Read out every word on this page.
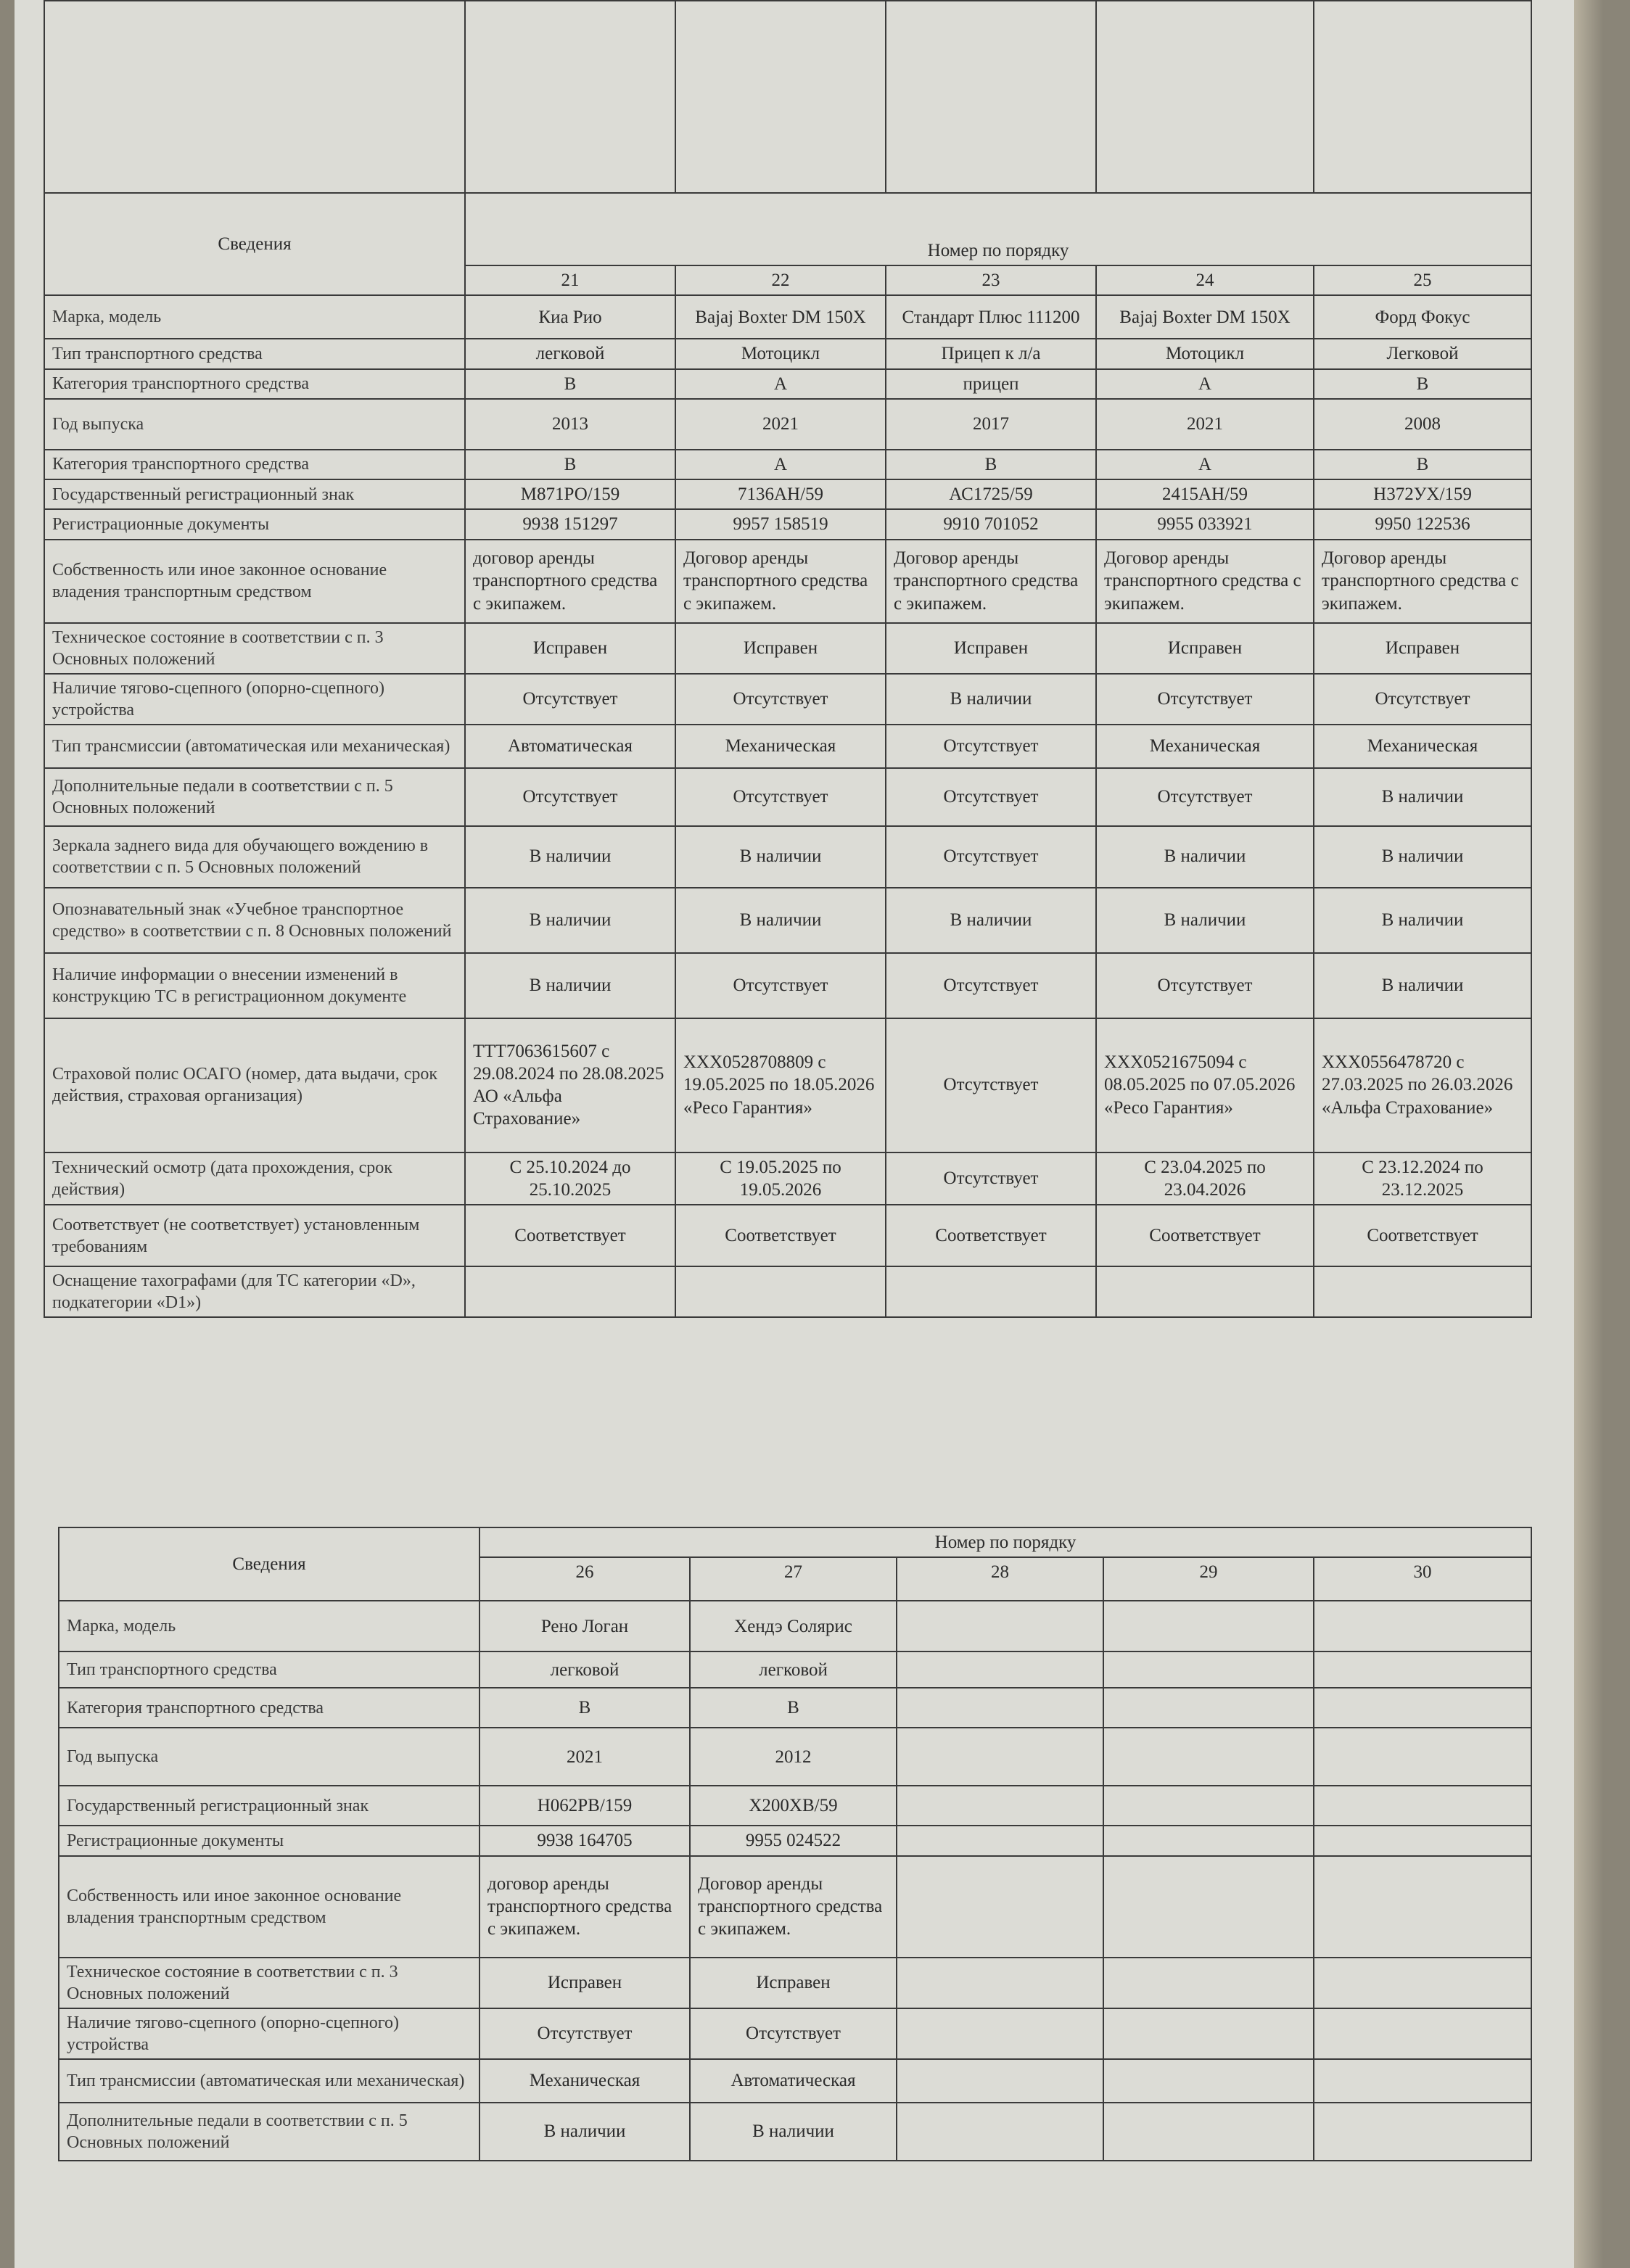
Сведения	Номер по порядку				
	21	22	23	24	25
Марка, модель	Киа Рио	Bajaj Boxter DM 150X	Стандарт Плюс 111200	Bajaj Boxter DM 150X	Форд Фокус
Тип транспортного средства	легковой	Мотоцикл	Прицеп к л/а	Мотоцикл	Легковой
Категория транспортного средства	B	A	прицеп	A	B
Год выпуска	2013	2021	2017	2021	2008
Категория транспортного средства	B	A	B	A	B
Государственный регистрационный знак	М871РО/159	7136АН/59	АС1725/59	2415АН/59	Н372УХ/159
Регистрационные документы	9938 151297	9957 158519	9910 701052	9955 033921	9950 122536
Собственность или иное законное основание владения транспортным средством	договор аренды транспортного средства с экипажем.	Договор аренды транспортного средства с экипажем.	Договор аренды транспортного средства с экипажем.	Договор аренды транспортного средства с экипажем.	Договор аренды транспортного средства с экипажем.
Техническое состояние в соответствии с п. 3 Основных положений	Исправен	Исправен	Исправен	Исправен	Исправен
Наличие тягово-сцепного (опорно-сцепного) устройства	Отсутствует	Отсутствует	В наличии	Отсутствует	Отсутствует
Тип трансмиссии (автоматическая или механическая)	Автоматическая	Механическая	Отсутствует	Механическая	Механическая
Дополнительные педали в соответствии с п. 5 Основных положений	Отсутствует	Отсутствует	Отсутствует	Отсутствует	В наличии
Зеркала заднего вида для обучающего вождению в соответствии с п. 5 Основных положений	В наличии	В наличии	Отсутствует	В наличии	В наличии
Опознавательный знак «Учебное транспортное средство» в соответствии с п. 8 Основных положений	В наличии	В наличии	В наличии	В наличии	В наличии
Наличие информации о внесении изменений в конструкцию ТС в регистрационном документе	В наличии	Отсутствует	Отсутствует	Отсутствует	В наличии
Страховой полис ОСАГО (номер, дата выдачи, срок действия, страховая организация)	ТТТ7063615607 с 29.08.2024 по 28.08.2025 АО «Альфа Страхование»	ХХХ0528708809 с 19.05.2025 по 18.05.2026 «Ресо Гарантия»	Отсутствует	ХХХ0521675094 с 08.05.2025 по 07.05.2026 «Ресо Гарантия»	ХХХ0556478720 с 27.03.2025 по 26.03.2026 «Альфа Страхование»
Технический осмотр (дата прохождения, срок действия)	С 25.10.2024 до 25.10.2025	С 19.05.2025 по 19.05.2026	Отсутствует	С 23.04.2025 по 23.04.2026	С 23.12.2024 по 23.12.2025
Соответствует (не соответствует) установленным требованиям	Соответствует	Соответствует	Соответствует	Соответствует	Соответствует
Оснащение тахографами (для ТС категории «D», подкатегории «D1»)					
Сведения	Номер по порядку				
	26	27	28	29	30
Марка, модель	Рено Логан	Хендэ Солярис			
Тип транспортного средства	легковой	легковой			
Категория транспортного средства	B	B			
Год выпуска	2021	2012			
Государственный регистрационный знак	Н062РВ/159	Х200ХВ/59			
Регистрационные документы	9938 164705	9955 024522			
Собственность или иное законное основание владения транспортным средством	договор аренды транспортного средства с экипажем.	Договор аренды транспортного средства с экипажем.			
Техническое состояние в соответствии с п. 3 Основных положений	Исправен	Исправен			
Наличие тягово-сцепного (опорно-сцепного) устройства	Отсутствует	Отсутствует			
Тип трансмиссии (автоматическая или механическая)	Механическая	Автоматическая			
Дополнительные педали в соответствии с п. 5 Основных положений	В наличии	В наличии			
